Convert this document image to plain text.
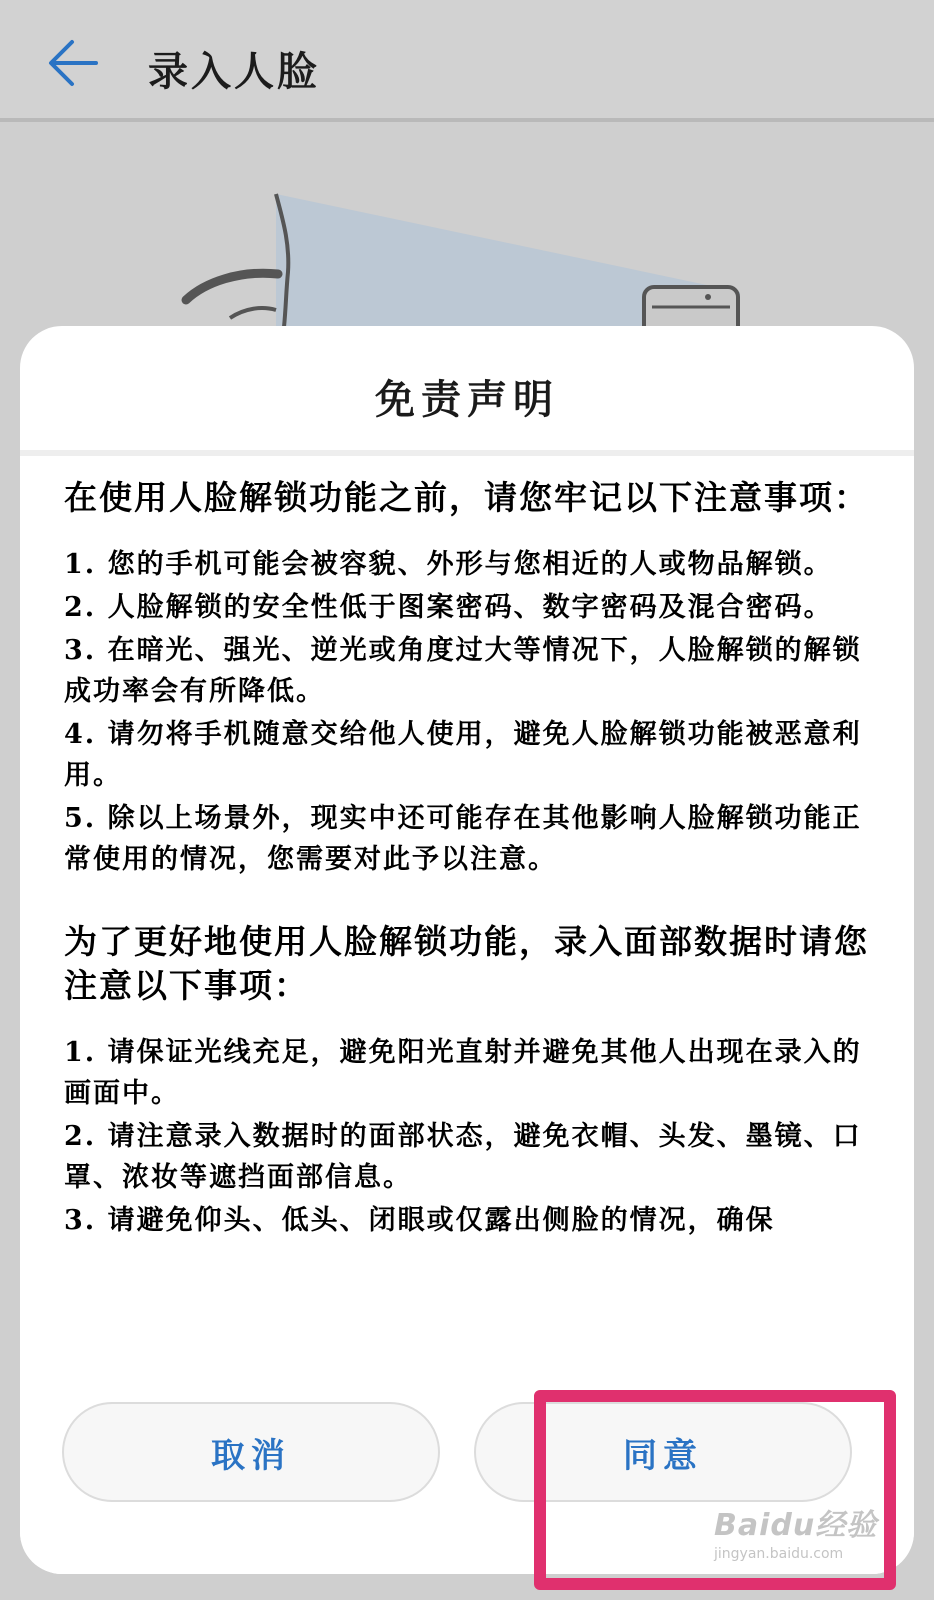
录入人脸
免责声明
在使用人脸解锁功能之前，请您牢记以下注意事项：
1. 您的手机可能会被容貌、外形与您相近的人或物品解锁。
2. 人脸解锁的安全性低于图案密码、数字密码及混合密码。
3. 在暗光、强光、逆光或角度过大等情况下，人脸解锁的解锁成功率会有所降低。
4. 请勿将手机随意交给他人使用，避免人脸解锁功能被恶意利用。
5. 除以上场景外，现实中还可能存在其他影响人脸解锁功能正常使用的情况，您需要对此予以注意。
为了更好地使用人脸解锁功能，录入面部数据时请您注意以下事项：
1. 请保证光线充足，避免阳光直射并避免其他人出现在录入的画面中。
2. 请注意录入数据时的面部状态，避免衣帽、头发、墨镜、口罩、浓妆等遮挡面部信息。
3. 请避免仰头、低头、闭眼或仅露出侧脸的情况，确保
取消	同意
Baidu经验
jingyan.baidu.com
